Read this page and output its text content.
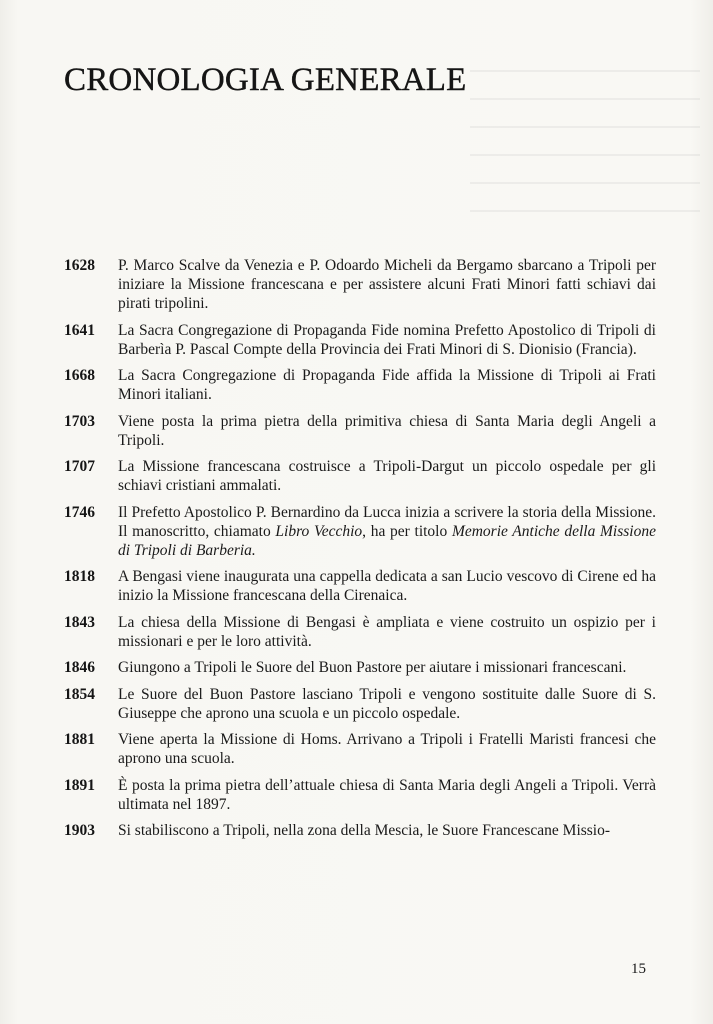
CRONOLOGIA GENERALE
1628	P. Marco Scalve da Venezia e P. Odoardo Micheli da Bergamo sbarcano a Tripoli per iniziare la Missione francescana e per assistere alcuni Frati Minori fatti schiavi dai pirati tripolini.
1641	La Sacra Congregazione di Propaganda Fide nomina Prefetto Apostolico di Tripoli di Barberìa P. Pascal Compte della Provincia dei Frati Minori di S. Dionisio (Francia).
1668	La Sacra Congregazione di Propaganda Fide affida la Missione di Tripoli ai Frati Minori italiani.
1703	Viene posta la prima pietra della primitiva chiesa di Santa Maria degli Angeli a Tripoli.
1707	La Missione francescana costruisce a Tripoli-Dargut un piccolo ospedale per gli schiavi cristiani ammalati.
1746	Il Prefetto Apostolico P. Bernardino da Lucca inizia a scrivere la storia della Missione. Il manoscritto, chiamato Libro Vecchio, ha per titolo Memorie Antiche della Missione di Tripoli di Barberia.
1818	A Bengasi viene inaugurata una cappella dedicata a san Lucio vescovo di Cirene ed ha inizio la Missione francescana della Cirenaica.
1843	La chiesa della Missione di Bengasi è ampliata e viene costruito un ospizio per i missionari e per le loro attività.
1846	Giungono a Tripoli le Suore del Buon Pastore per aiutare i missionari francescani.
1854	Le Suore del Buon Pastore lasciano Tripoli e vengono sostituite dalle Suore di S. Giuseppe che aprono una scuola e un piccolo ospedale.
1881	Viene aperta la Missione di Homs. Arrivano a Tripoli i Fratelli Maristi francesi che aprono una scuola.
1891	È posta la prima pietra dell’attuale chiesa di Santa Maria degli Angeli a Tripoli. Verrà ultimata nel 1897.
1903	Si stabiliscono a Tripoli, nella zona della Mescia, le Suore Francescane Missio-
15
